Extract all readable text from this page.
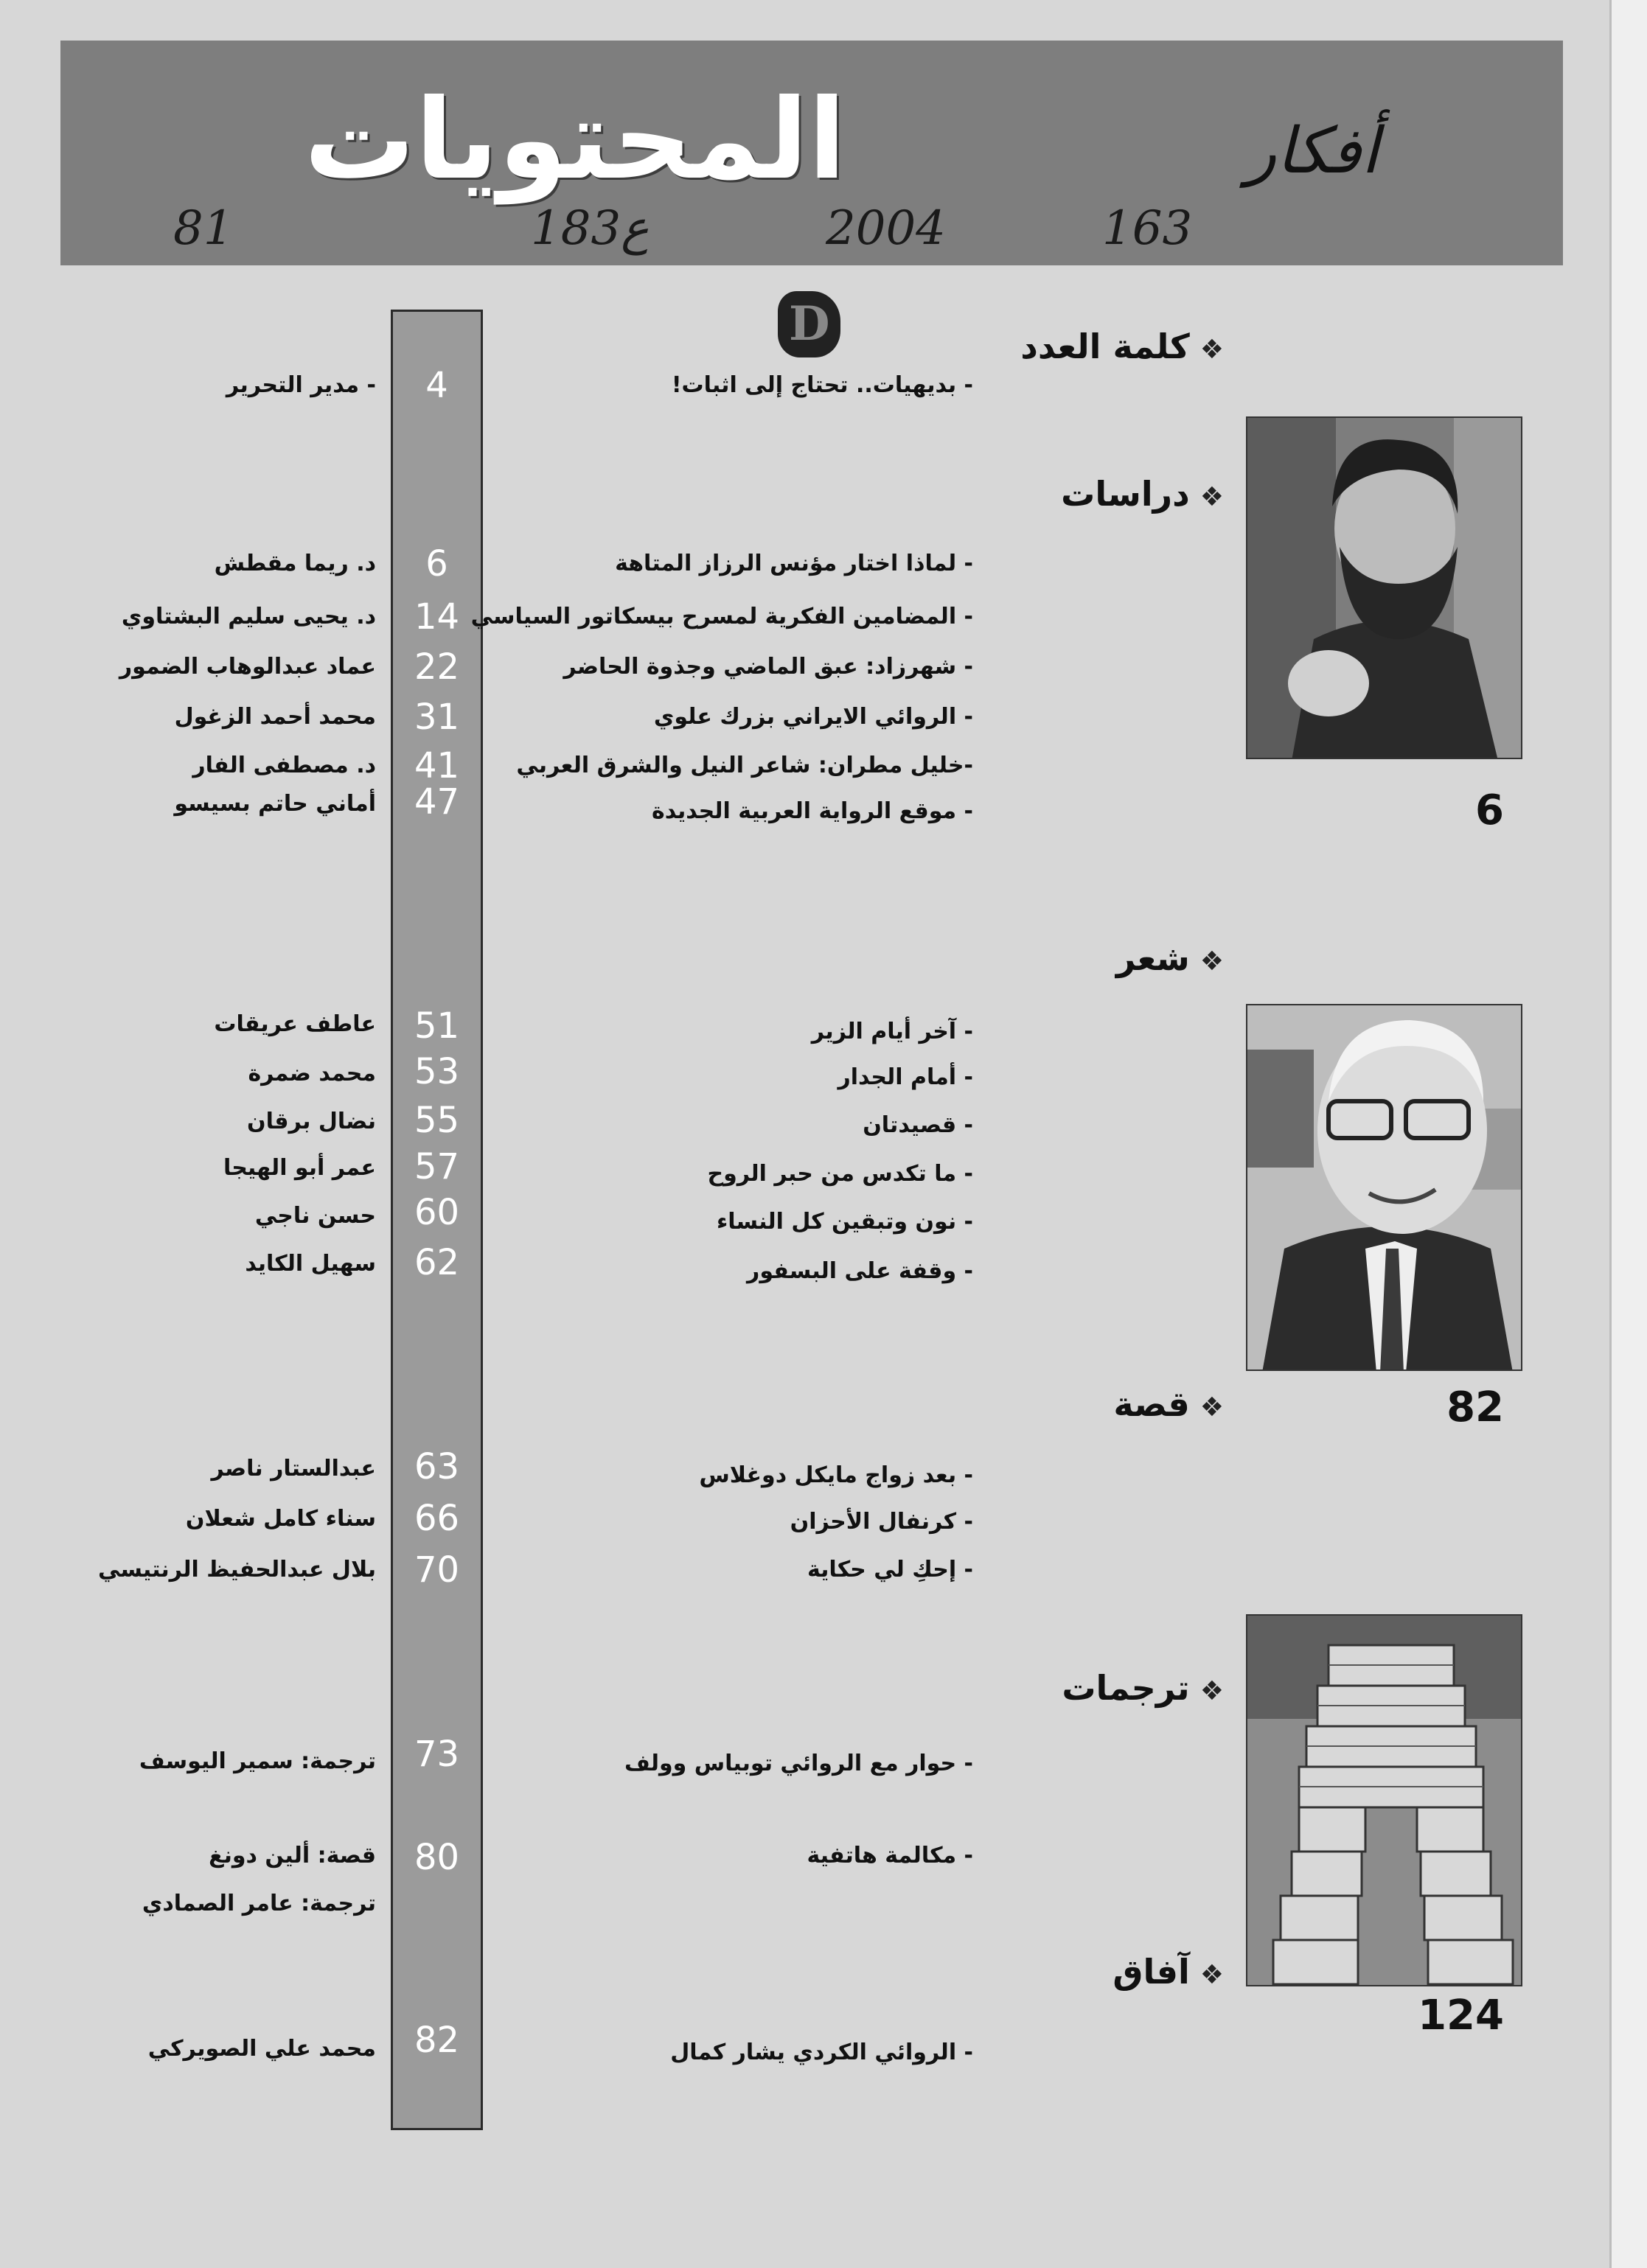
المحتويات	أفكار
163
2004
183ع
81
D	❖كلمة العدد
❖دراسات
❖شعر
❖قصة
❖ترجمات
❖آفاق
- بديهيات.. تحتاج إلى اثبات!
4
- مدير التحرير
- لماذا اختار مؤنس الرزاز المتاهة
6
د. ريما مقطش
- المضامين الفكرية لمسرح بيسكاتور السياسي
14
د. يحيى سليم البشتاوي
- شهرزاد: عبق الماضي وجذوة الحاضر
22
عماد عبدالوهاب الضمور
- الروائي الايراني بزرك علوي
31
محمد أحمد الزغول
-خليل مطران: شاعر النيل والشرق العربي
41
د. مصطفى الفار
- موقع الرواية العربية الجديدة
47
أماني حاتم بسيسو
- آخر أيام الزير
51
عاطف عريقات
- أمام الجدار
53
محمد ضمرة
- قصيدتان
55
نضال برقان
- ما تكدس من حبر الروح
57
عمر أبو الهيجا
- نون وتبقين كل النساء
60
حسن ناجي
- وقفة على البسفور
62
سهيل الكايد
- بعد زواج مايكل دوغلاس
63
عبدالستار ناصر
- كرنفال الأحزان
66
سناء كامل شعلان
- إحكِ لي حكاية
70
بلال عبدالحفيظ الرنتيسي
- حوار مع الروائي توبياس وولف
73
ترجمة: سمير اليوسف
- مكالمة هاتفية
80
قصة: ألين دونغ
ترجمة: عامر الصمادي
- الروائي الكردي يشار كمال
82
محمد علي الصويركي
6
82
124
